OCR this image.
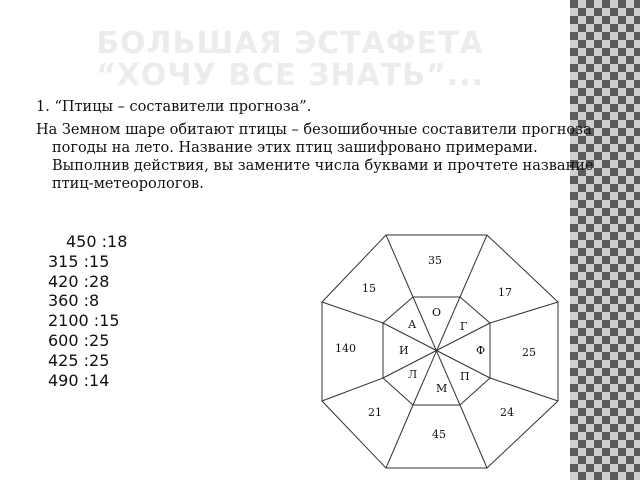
БОЛЬШАЯ ЭСТАФЕТА
“ХОЧУ ВСЕ ЗНАТЬ”...

1. “Птицы – составители прогноза”.

На Земном шаре обитают птицы – безошибочные составители прогноза погоды на лето. Название этих птиц зашифровано примерами. Выполнив действия, вы замените числа буквами и прочтете название птиц-метеорологов.

450 :18
315 :15
420 :28
360 :8
2100 :15
600 :25
425 :25
490 :14
35
17
25
24
45
21
140
15
О
Г
Ф
П
М
Л
И
А
